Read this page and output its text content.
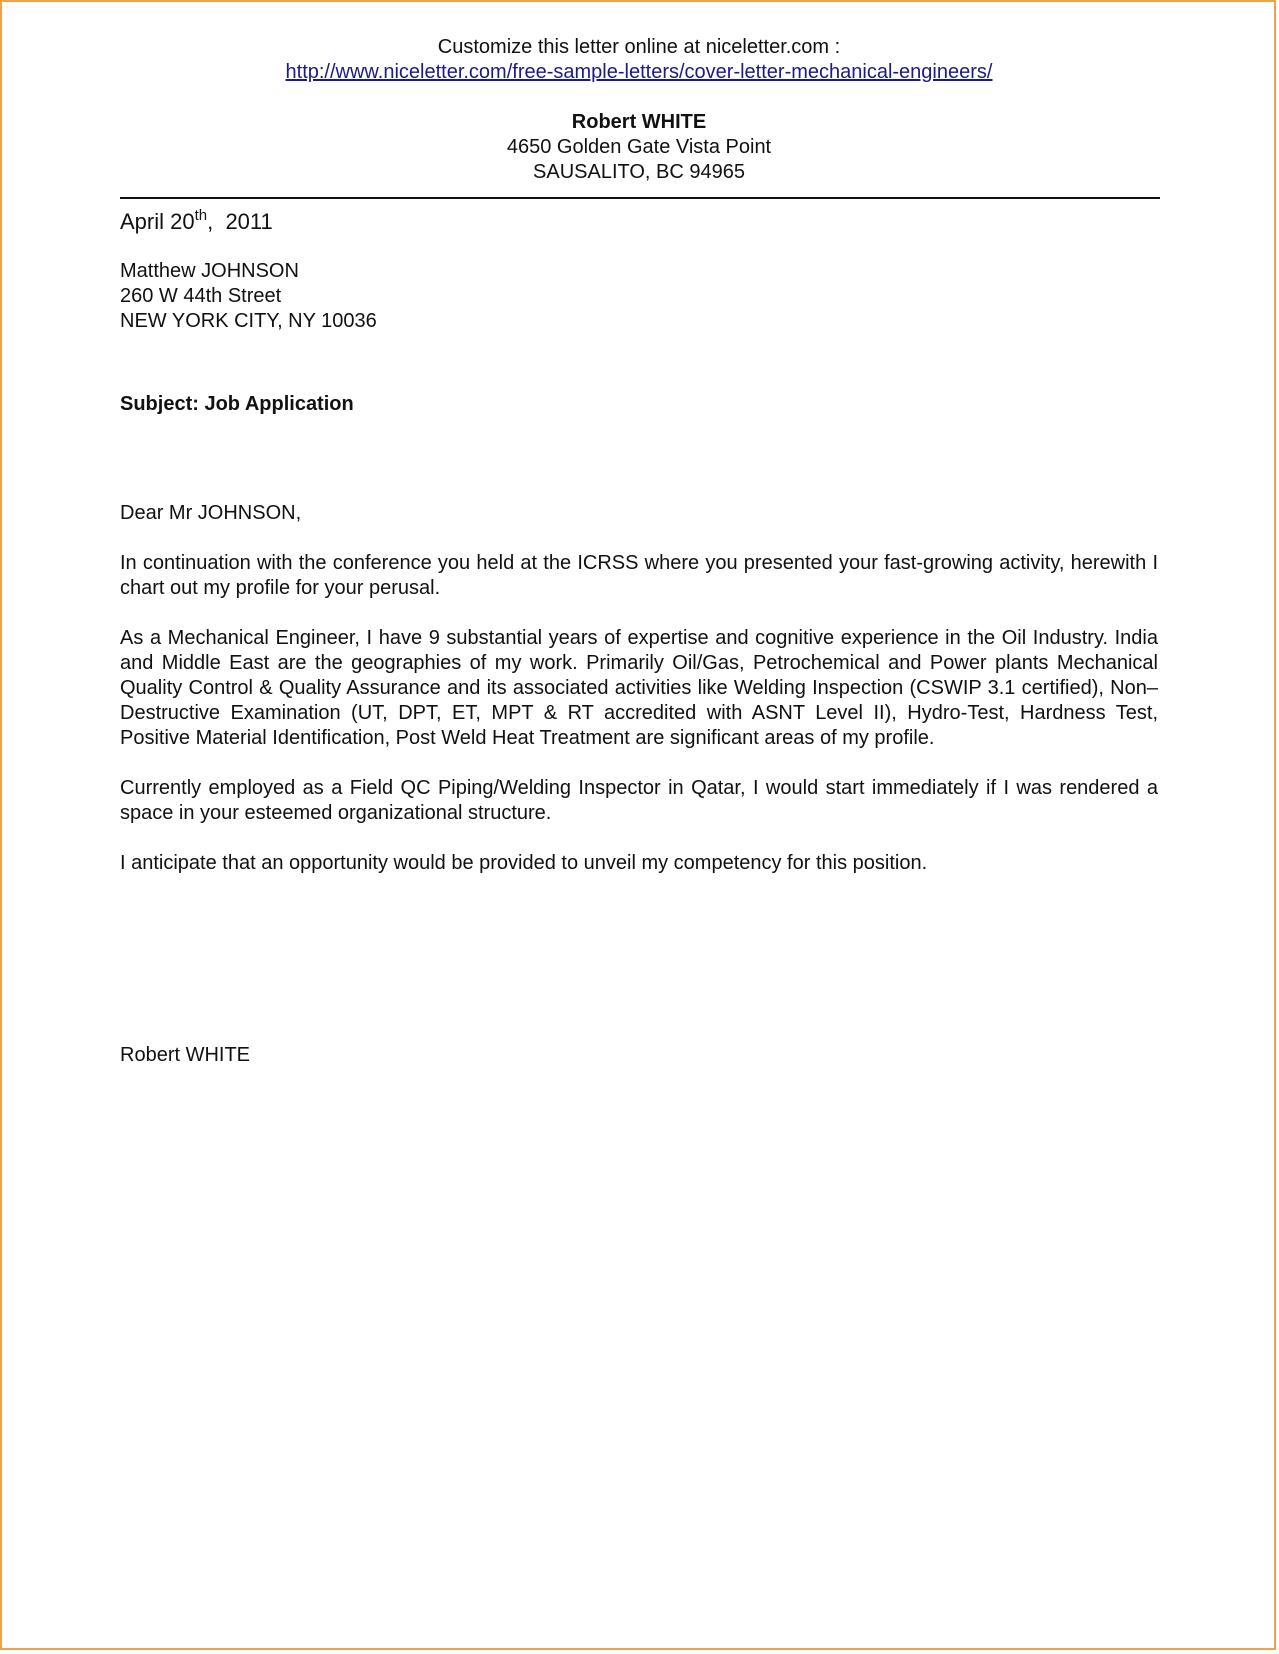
Customize this letter online at niceletter.com :
http://www.niceletter.com/free-sample-letters/cover-letter-mechanical-engineers/
Robert WHITE
4650 Golden Gate Vista Point
SAUSALITO, BC 94965
April 20th,  2011
Matthew JOHNSON
260 W 44th Street
NEW YORK CITY, NY 10036
Subject: Job Application
Dear Mr JOHNSON,
In continuation with the conference you held at the ICRSS where you presented your fast-growing activity, herewith I chart out my profile for your perusal.
As a Mechanical Engineer, I have 9 substantial years of expertise and cognitive experience in the Oil Industry. India and Middle East are the geographies of my work. Primarily Oil/Gas, Petrochemical and Power plants Mechanical Quality Control & Quality Assurance and its associated activities like Welding Inspection (CSWIP 3.1 certified), Non–Destructive Examination (UT, DPT, ET, MPT & RT accredited with ASNT Level II), Hydro-Test, Hardness Test, Positive Material Identification, Post Weld Heat Treatment are significant areas of my profile.
Currently employed as a Field QC Piping/Welding Inspector in Qatar, I would start immediately if I was rendered a space in your esteemed organizational structure.
I anticipate that an opportunity would be provided to unveil my competency for this position.
Robert WHITE
